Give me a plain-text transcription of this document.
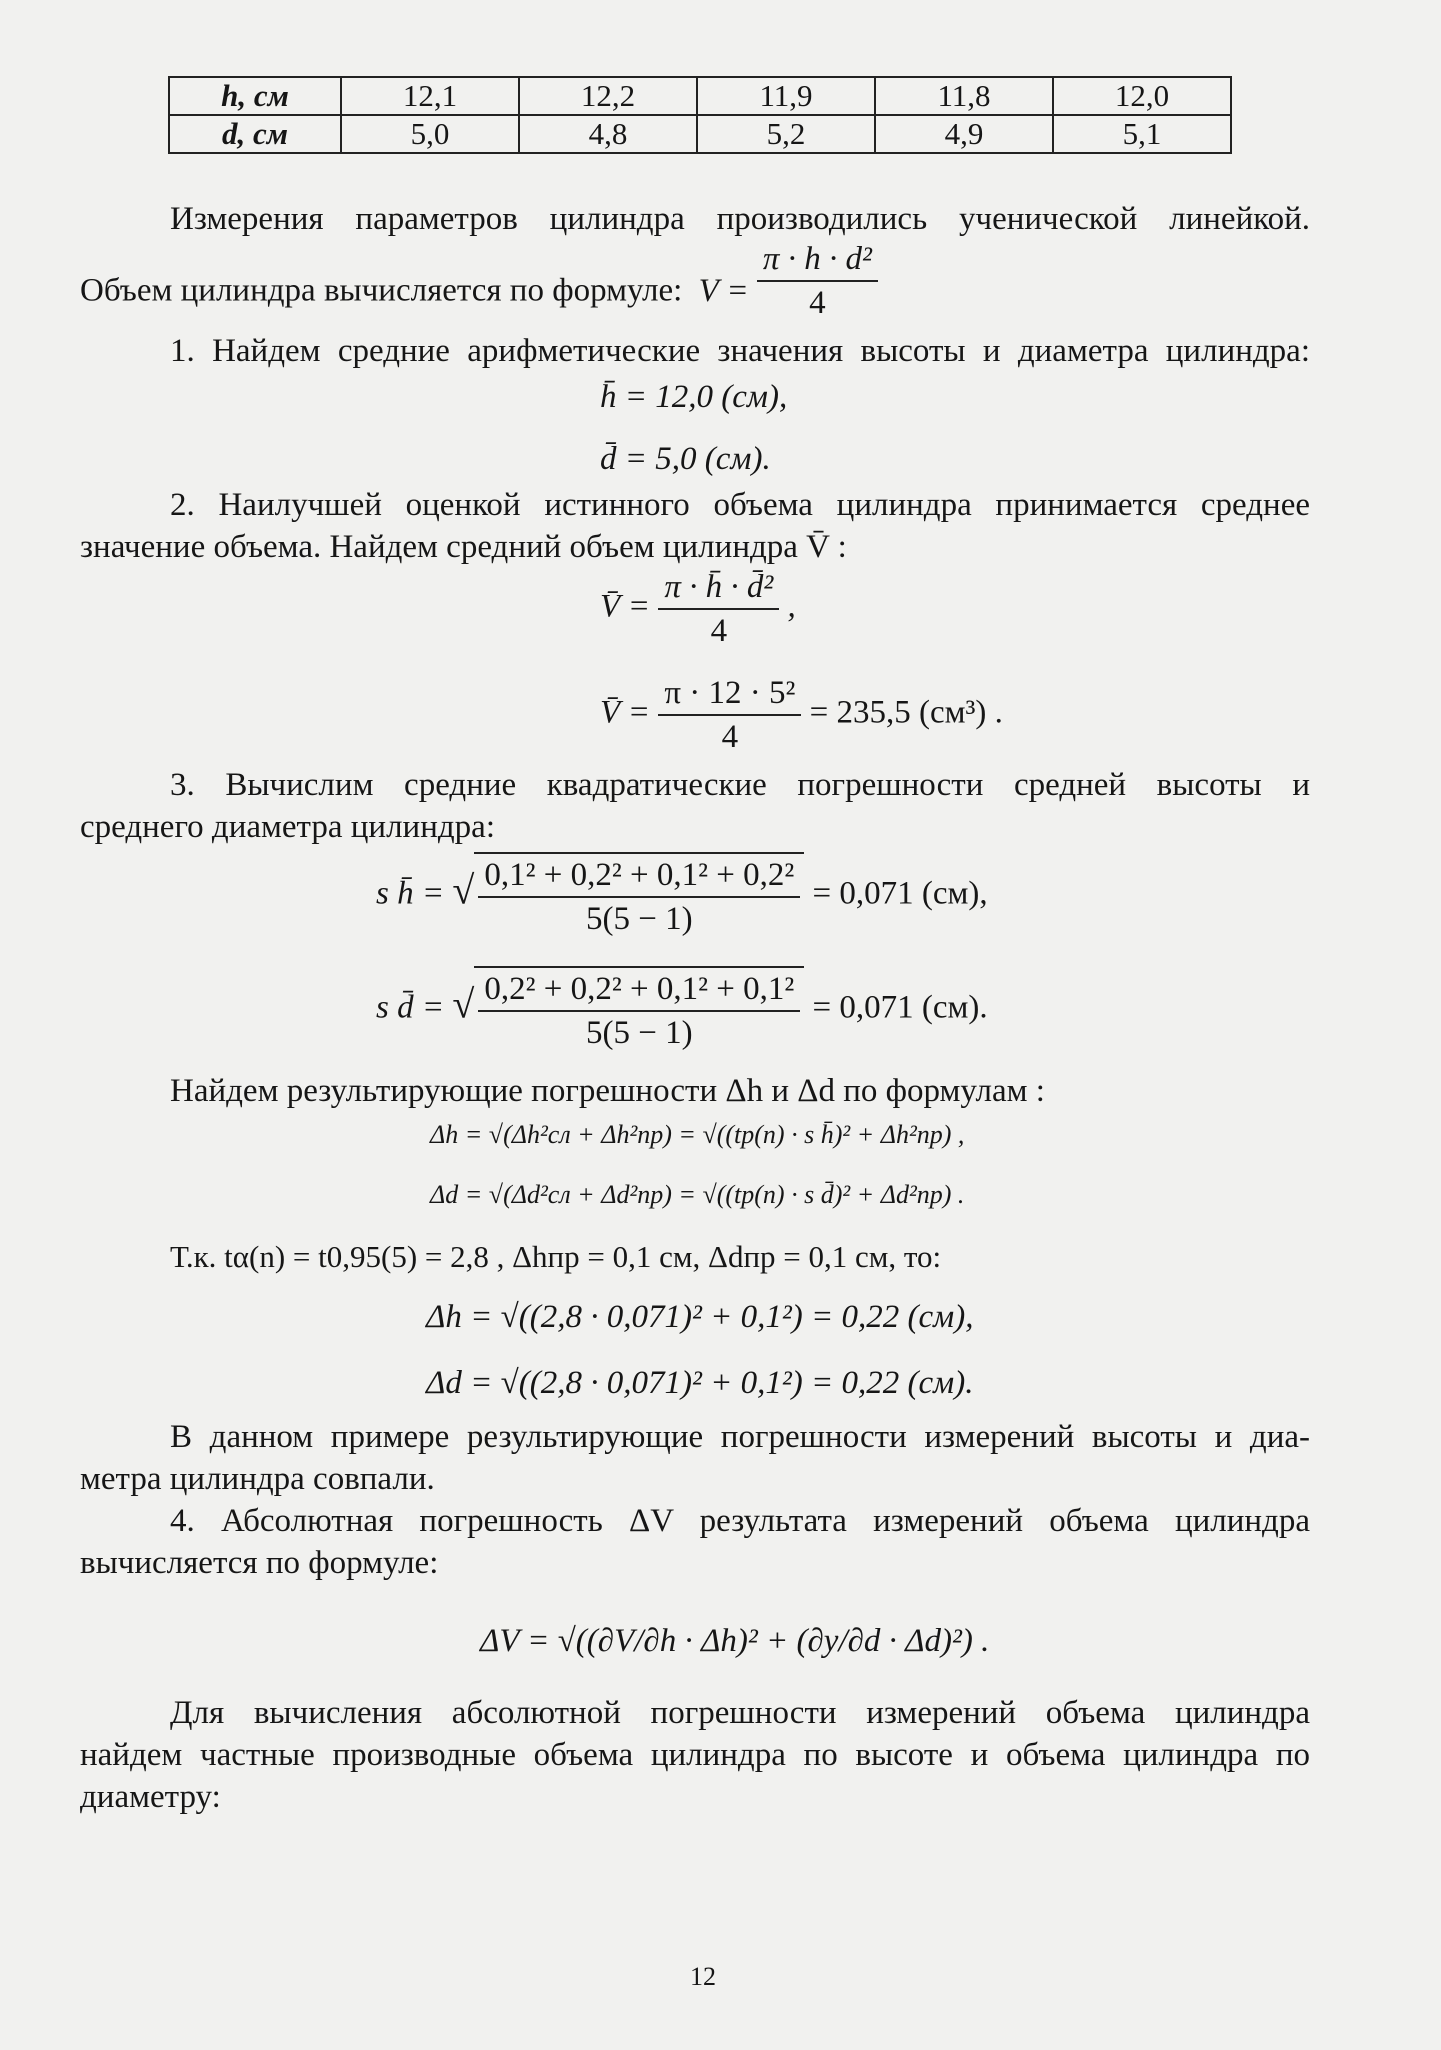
h, см	12,1	12,2	11,9	11,8	12,0
d, см	5,0	4,8	5,2	4,9	5,1
Измерения параметров цилиндра производились ученической линейкой.
Объем цилиндра вычисляется по формуле: $V = \frac{\text{π · h · d²}}{4}$
1. Найдем средние арифметические значения высоты и диаметра цилиндра:
h̄ = 12,0 (см),
d̄ = 5,0 (см).
2. Наилучшей оценкой истинного объема цилиндра принимается среднее
значение объема. Найдем средний объем цилиндра V̄ :
V̄ = $\frac{\text{π · h̄ · d̄²}}{4}$ ,
V̄ = $\frac{\text{π · 12 · 5²}}{4} = 235,5$ (см³) .
3. Вычислим средние квадратические погрешности средней высоты и
среднего диаметра цилиндра:
s h̄ = √ $\frac{\text{0,1² + 0,2² + 0,1² + 0,2²}}{5(5 - 1)} = 0,071$ (см),
s d̄ = √ $\frac{\text{0,2² + 0,2² + 0,1² + 0,1²}}{5(5 - 1)} = 0,071$ (см).
Найдем результирующие погрешности Δh и Δd по формулам :
Δh = √(Δh²сл + Δh²пр) = √((tp(n) · s h̄)² + Δh²пр) ,
Δd = √(Δd²сл + Δd²пр) = √((tp(n) · s d̄)² + Δd²пр) .
Т.к. tα(n) = t0,95(5) = 2,8 , Δhпр = 0,1 см, Δdпр = 0,1 см, то:
Δh = √((2,8 · 0,071)² + 0,1²) = 0,22 (см),
Δd = √((2,8 · 0,071)² + 0,1²) = 0,22 (см).
В данном примере результирующие погрешности измерений высоты и диа-
метра цилиндра совпали.
4. Абсолютная погрешность ΔV результата измерений объема цилиндра
вычисляется по формуле:
ΔV = √((∂V/∂h · Δh)² + (∂y/∂d · Δd)²) .
Для вычисления абсолютной погрешности измерений объема цилиндра
найдем частные производные объема цилиндра по высоте и объема цилиндра по
диаметру:
12
